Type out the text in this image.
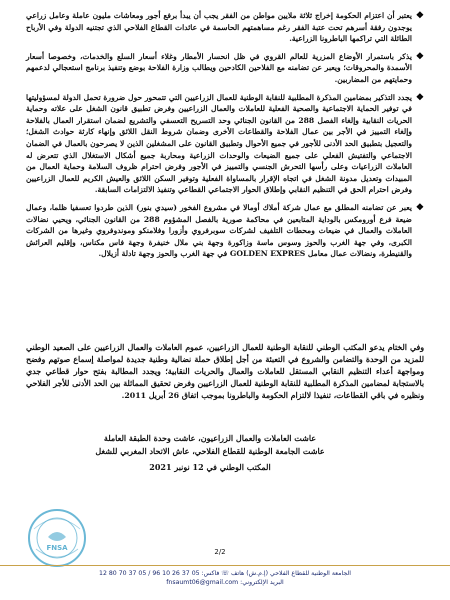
❖
يعتبر أن اعتزام الحكومة إخراج ثلاثة ملايين مواطن من الفقر يجب أن يبدأ برفع أجور ومعاشات مليون عاملة وعامل زراعي يوجدون رفقة أسرهم تحت عتبة الفقر رغم مساهمتهم الحاسمة في عائدات القطاع الفلاحي الذي تجتنيه الدولة وفي الأرباح الطائلة التي تراكمها الباطرونا الزراعية.
❖
يذكر باستمرار الأوضاع المزرية للعالم القروي في ظل انحسار الأمطار وغلاء أسعار السلع والخدمات، وخصوصا أسعار الأسمدة والمحروقات؛ ويعبر عن تضامنه مع الفلاحين الكادحين ويطالب وزارة الفلاحة بوضع وتنفيذ برنامج استعجالي لدعمهم وحمايتهم من المضاربين.
❖
يجدد التذكير بمضامين المذكرة المطلبية للنقابة الوطنية للعمال الزراعيين التي تتمحور حول ضرورة تحمل الدولة لمسؤوليتها في توفير الحماية الاجتماعية والصحية الفعلية للعاملات والعمال الزراعيين وفرض تطبيق قانون الشغل على علاته وحماية الحريات النقابية وإلغاء الفصل 288 من القانون الجنائي وحد التسريح التعسفي والتشريع لضمان استقرار العمال بالفلاحة وإلغاء التمييز في الأجر بين عمال الفلاحة والقطاعات الأخرى وضمان شروط النقل اللائق وإنهاء كارثة حوادث الشغل؛ والتعجيل بتطبيق الحد الأدنى للأجور في جميع الأحوال وتطبيق القانون على المشغلين الذين لا يصرحون بالعمال في الضمان الاجتماعي والتفتيش الفعلي على جميع الضيعات والوحدات الزراعية ومحاربة جميع أشكال الاستغلال الذي تتعرض له العاملات الزراعيات وعلى رأسها التحرش الجنسي والتمييز في الأجور وفرض احترام ظروف السلامة وحماية العمال من المبيدات وتعديل مدونة الشغل في اتجاه الإقرار بالمساواة الفعلية وتوفير السكن اللائق والعيش الكريم للعمال الزراعيين وفرض احترام الحق في التنظيم النقابي وإطلاق الحوار الاجتماعي القطاعي وتنفيذ الالتزامات السابقة.
❖
يعبر عن تضامنه المطلق مع عمال شركة أملاك أومالا في مشروع الفخور (سيدي بنور) الذين طردوا تعسفيا ظلما، وعمال ضيعة فرع أورومكس بالوداية المتابعين في محاكمة صورية بالفصل المشؤوم 288 من القانون الجنائي، ويحيي نضالات العاملات والعمال في ضيعات ومحطات التلفيف لشركات سوبرفروي وأزورا وفلامنكو وموندوفروي وغيرها من الشركات الكبرى، وفي جهة الغرب والحوز وسوس ماسة وزاكورة وجهة بني ملال خنيفرة وجهة فاس مكناس، وإقليم العرائش والقنيطرة، ونضالات عمال معامل GOLDEN EXPRES في جهة الغرب والحوز وجهة تادلة أزيلال.
وفي الختام يدعو المكتب الوطني للنقابة الوطنية للعمال الزراعيين، عموم العاملات والعمال الزراعيين على الصعيد الوطني للمزيد من الوحدة والتضامن والشروع في التعبئة من أجل إطلاق حملة نضالية وطنية جديدة لمواصلة إسماع صوتهم وفضح ومواجهة أعداء التنظيم النقابي المستقل للعاملات والعمال والحريات النقابية؛ ويجدد المطالبة بفتح حوار قطاعي جدي بالاستجابة لمضامين المذكرة المطلبية للنقابة الوطنية للعمال الزراعيين وفرض تحقيق المماثلة بين الحد الأدنى للأجر الفلاحي ونظيره في باقي القطاعات، تنفيذا لالتزام الحكومة والباطرونا بموجب اتفاق 26 أبريل 2011.
عاشت العاملات والعمال الزراعيون، عاشت وحدة الطبقة العاملة
عاشت الجامعة الوطنية للقطاع الفلاحي، عاش الاتحاد المغربي للشغل
المكتب الوطني في 12 نونبر 2021
FNSA	2/2
الجامعة الوطنية للقطاع الفلاحي (إ.م.ش) هاتف ☏ فاكس: 05 37 26 10 96 / 05 37 70 80 12
البريد الإلكتروني: fnsaumt06@gmail.com
